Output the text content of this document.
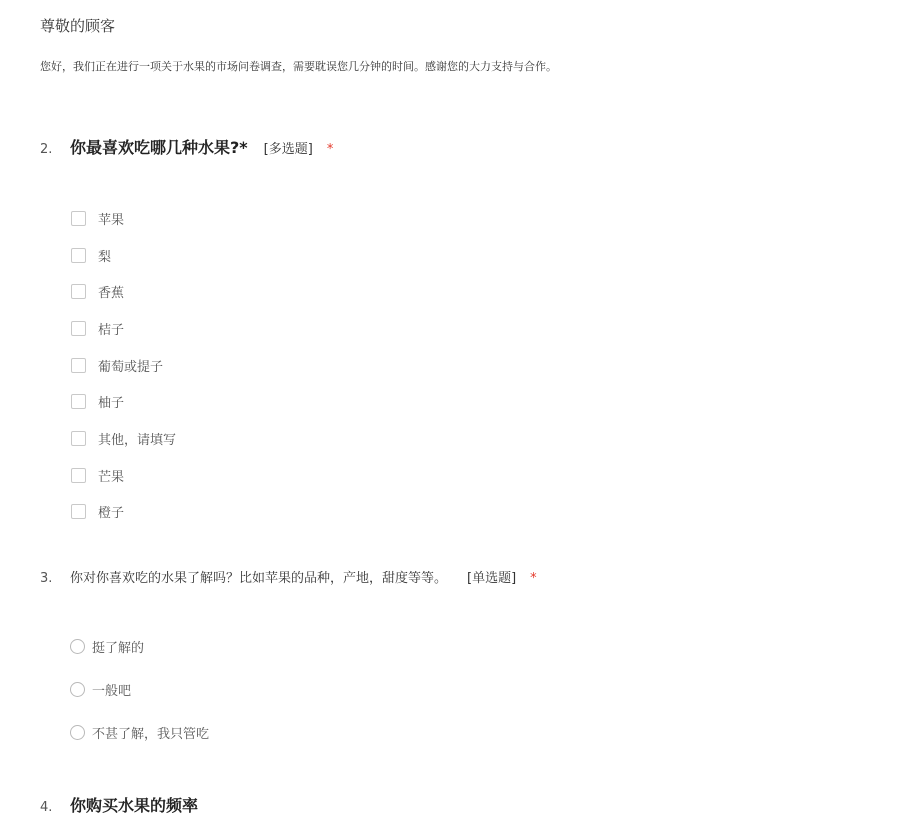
尊敬的顾客
您好，我们正在进行一项关于水果的市场问卷调查，需要耽误您几分钟的时间。感谢您的大力支持与合作。
2.	你最喜欢吃哪几种水果?* [多选题] *
苹果
梨
香蕉
桔子
葡萄或提子
柚子
其他，请填写
芒果
橙子
3.	你对你喜欢吃的水果了解吗？比如苹果的品种，产地，甜度等等。 [单选题] *
挺了解的
一般吧
不甚了解，我只管吃
4.	你购买水果的频率
